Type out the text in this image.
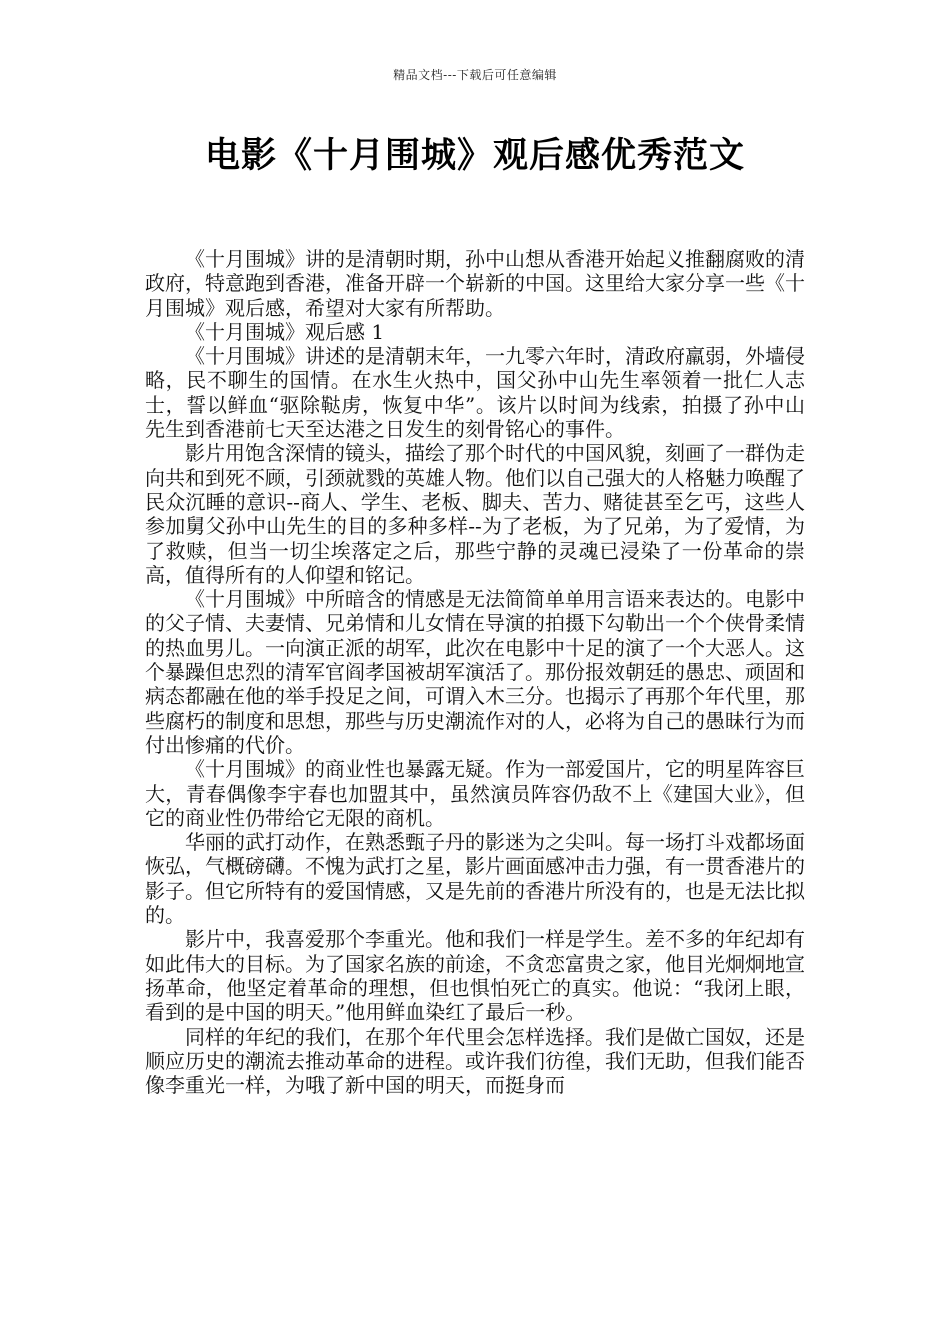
精品文档---下载后可任意编辑
电影《十月围城》观后感优秀范文

《十月围城》讲的是清朝时期，孙中山想从香港开始起义推翻腐败的清政府，特意跑到香港，准备开辟一个崭新的中国。这里给大家分享一些《十月围城》观后感，希望对大家有所帮助。

《十月围城》观后感 1

《十月围城》讲述的是清朝末年，一九零六年时，清政府羸弱，外墙侵略，民不聊生的国情。在水生火热中，国父孙中山先生率领着一批仁人志士，誓以鲜血“驱除鞑虏，恢复中华”。该片以时间为线索，拍摄了孙中山先生到香港前七天至达港之日发生的刻骨铭心的事件。

影片用饱含深情的镜头，描绘了那个时代的中国风貌，刻画了一群伪走向共和到死不顾，引颈就戮的英雄人物。他们以自己强大的人格魅力唤醒了民众沉睡的意识--商人、学生、老板、脚夫、苦力、赌徒甚至乞丐，这些人参加舅父孙中山先生的目的多种多样--为了老板，为了兄弟，为了爱情，为了救赎，但当一切尘埃落定之后，那些宁静的灵魂已浸染了一份革命的崇高，值得所有的人仰望和铭记。

《十月围城》中所暗含的情感是无法简简单单用言语来表达的。电影中的父子情、夫妻情、兄弟情和儿女情在导演的拍摄下勾勒出一个个侠骨柔情的热血男儿。一向演正派的胡军，此次在电影中十足的演了一个大恶人。这个暴躁但忠烈的清军官阎孝国被胡军演活了。那份报效朝廷的愚忠、顽固和病态都融在他的举手投足之间，可谓入木三分。也揭示了再那个年代里，那些腐朽的制度和思想，那些与历史潮流作对的人，必将为自己的愚昧行为而付出惨痛的代价。

《十月围城》的商业性也暴露无疑。作为一部爱国片，它的明星阵容巨大，青春偶像李宇春也加盟其中，虽然演员阵容仍敌不上《建国大业》，但它的商业性仍带给它无限的商机。

华丽的武打动作，在熟悉甄子丹的影迷为之尖叫。每一场打斗戏都场面恢弘，气概磅礴。不愧为武打之星，影片画面感冲击力强，有一贯香港片的影子。但它所特有的爱国情感，又是先前的香港片所没有的，也是无法比拟的。

影片中，我喜爱那个李重光。他和我们一样是学生。差不多的年纪却有如此伟大的目标。为了国家名族的前途，不贪恋富贵之家，他目光炯炯地宣扬革命，他坚定着革命的理想，但也惧怕死亡的真实。他说：“我闭上眼，看到的是中国的明天。”他用鲜血染红了最后一秒。

同样的年纪的我们，在那个年代里会怎样选择。我们是做亡国奴，还是顺应历史的潮流去推动革命的进程。或许我们彷徨，我们无助，但我们能否像李重光一样，为哦了新中国的明天，而挺身而
